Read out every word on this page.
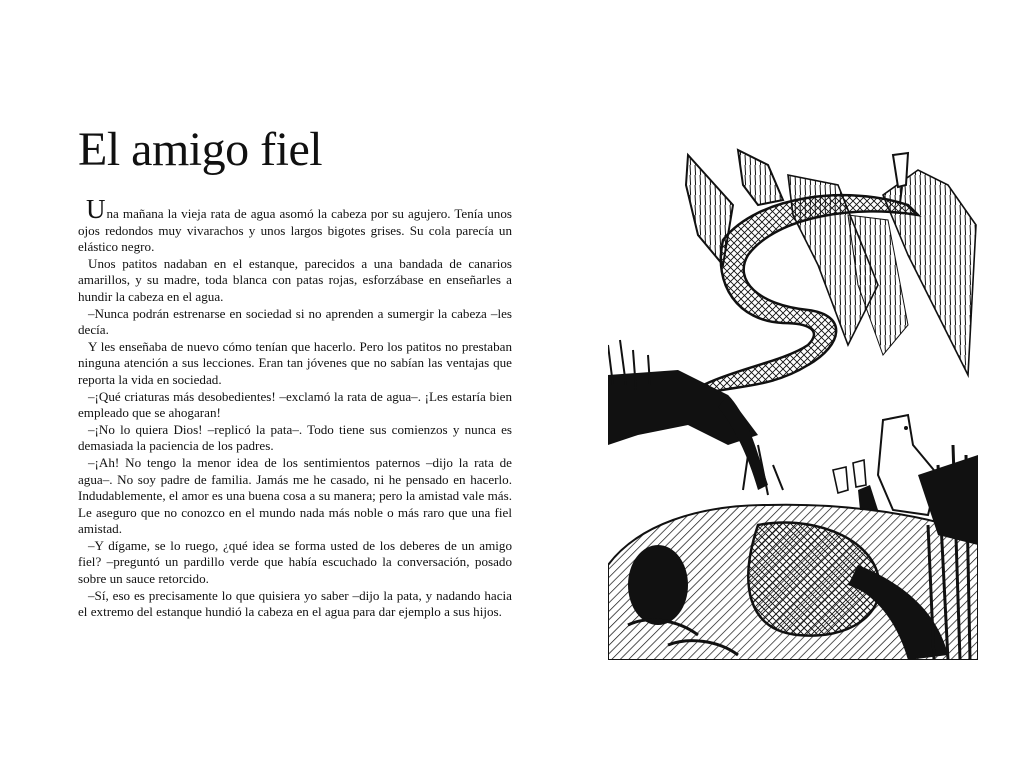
El amigo fiel

Una mañana la vieja rata de agua asomó la cabeza por su agujero. Tenía unos ojos redondos muy vivarachos y unos largos bigotes grises. Su cola parecía un elástico negro.

Unos patitos nadaban en el estanque, parecidos a una bandada de canarios amarillos, y su madre, toda blanca con patas rojas, esforzábase en enseñarles a hundir la cabeza en el agua.

–Nunca podrán estrenarse en sociedad si no aprenden a sumergir la cabeza –les decía.

Y les enseñaba de nuevo cómo tenían que hacerlo. Pero los patitos no prestaban ninguna atención a sus lecciones. Eran tan jóvenes que no sabían las ventajas que reporta la vida en sociedad.

–¡Qué criaturas más desobedientes! –exclamó la rata de agua–. ¡Les estaría bien empleado que se ahogaran!

–¡No lo quiera Dios! –replicó la pata–. Todo tiene sus comienzos y nunca es demasiada la paciencia de los padres.

–¡Ah! No tengo la menor idea de los sentimientos paternos –dijo la rata de agua–. No soy padre de familia. Jamás me he casado, ni he pensado en hacerlo. Indudablemente, el amor es una buena cosa a su manera; pero la amistad vale más. Le aseguro que no conozco en el mundo nada más noble o más raro que una fiel amistad.

–Y dígame, se lo ruego, ¿qué idea se forma usted de los deberes de un amigo fiel? –preguntó un pardillo verde que había escuchado la conversación, posado sobre un sauce retorcido.

–Sí, eso es precisamente lo que quisiera yo saber –dijo la pata, y nadando hacia el extremo del estanque hundió la cabeza en el agua para dar ejemplo a sus hijos.
